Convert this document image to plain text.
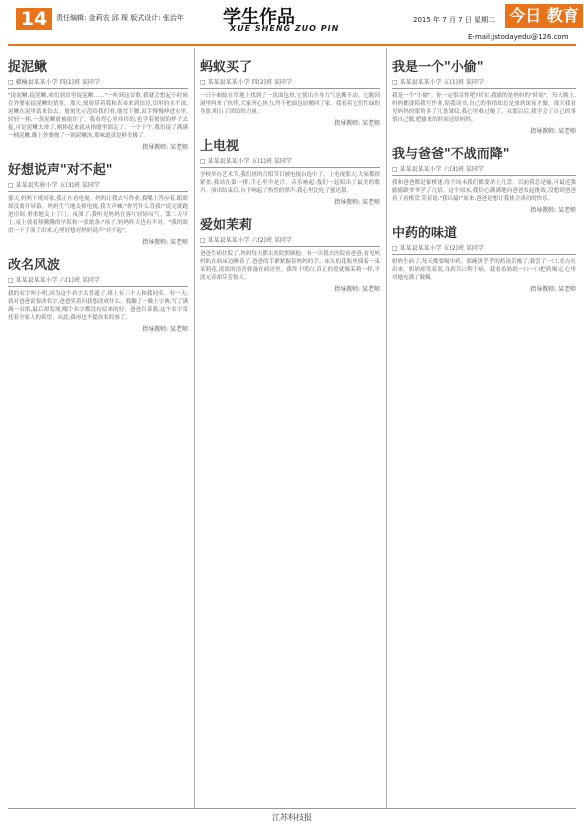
14	责任编辑: 金莉农 邱 琛 版式设计: 张治年 学生作品
XUE SHENG ZUO PIN
2015 年 7 月 7 日 星期二 今日 教育
E-mail:jstodayedu@126.com
捉泥鳅
□ 赣榆县某某小学 四(1)班 某同学

"捉泥鳅,捉泥鳅,咱们到田里捉泥鳅……"一听到这首歌,我就会想起小时候在外婆家捉泥鳅的情景。那天,舅舅带着我和表弟来到田边,田里的水不深,泥鳅在泥里钻来钻去。舅舅先示范给我们看,他弯下腰,双手慢慢伸进水里,轻轻一捧,一条泥鳅就被捉住了。我看得心里痒痒的,也学着舅舅的样子去捉,可是泥鳅太滑了,刚捧起来就从指缝里溜走了。一个下午,我们捉了满满一桶泥鳅,晚上外婆烧了一锅泥鳅汤,那味道真是鲜美极了。

指导教师: 某老师
好想说声"对不起"
□ 某某县实验小学 五(3)班 某同学

那天,妈妈下班回家,我正在看电视。妈妈让我去写作业,我嘴上答应着,眼睛却没离开屏幕。妈妈生气地关掉电视,我大声喊:"你凭什么管我!"说完就跑进房间,重重地关上了门。夜深了,我听见妈妈在客厅轻轻叹气。第二天早上,桌上放着热腾腾的早饭和一张纸条:"孩子,妈妈昨天也有不对。"我的眼泪一下子流了出来,心里好想对妈妈说声"对不起"。

指导教师: 某老师
改名风波
□ 某某县某某小学 六(1)班 某同学

我的名字叫小明,因为这个名字太普通了,班上有三个人和我同名。有一天,我对爸爸说要改名字,爸爸笑着问我想改成什么。我翻了一晚上字典,写了满满一页纸,最后却发现,哪个名字都没有原来的好。爸爸告诉我,这个名字寄托着全家人的希望。从此,我再也不提改名的事了。

指导教师: 某老师
蚂蚁买了
□ 某某县某某小学 四(2)班 某同学

一只小蚂蚁在草地上找到了一块面包屑,它使出全身力气也搬不动。它跑回洞里叫来了伙伴,大家齐心协力,终于把面包屑搬回了家。我看着它们忙碌的身影,明白了团结的力量。

指导教师: 某老师
上电视
□ 某某县某某小学 五(1)班 某同学

学校举办艺术节,我们班的合唱节目被电视台选中了。上电视那天,大家都很紧张,我站在第一排,手心里全是汗。音乐响起,我们一起唱出了最美的歌声。演出结束后,台下响起了热烈的掌声,我心里比吃了蜜还甜。

指导教师: 某老师
爱如茉莉
□ 某某县某某小学 六(2)班 某同学

爸爸生病住院了,妈妈每天都去医院照顾他。有一次我去医院看爸爸,看见妈妈趴在病床边睡着了,爸爸的手紧紧握着妈妈的手。床头的花瓶里插着一束茉莉花,淡淡的清香弥漫在病房里。我终于明白,真正的爱就像茉莉一样,平淡无奇却芬芳怡人。

指导教师: 某老师
我是一个"小偷"
□ 某某县某某小学 五(1)班 某同学

我是一个"小偷"。你一定很奇怪吧?其实,我偷的是妈妈的"时间"。每天晚上,妈妈都要陪我写作业,陪我读书,自己的事情却总是放到深夜才做。那天我看见妈妈的眼角多了几条皱纹,我心里难过极了。从那以后,我学会了自己的事情自己做,把偷来的时间还给妈妈。

指导教师: 某老师
我与爸爸"不战而降"
□ 某某县某某小学 六(3)班 某同学

我和爸爸都是象棋迷,每个周末我们都要杀上几盘。以前我总是输,可最近我偷偷跟爷爷学了几招。这个周末,我信心满满地向爸爸发起挑战,没想到爸爸看了看棋盘,笑着说:"我认输!"原来,爸爸是想让我体会成功的快乐。

指导教师: 某老师
中药的味道
□ 某某县某某小学 五(2)班 某同学

奶奶生病了,每天都要喝中药。那碗黑乎乎的药汤苦极了,我尝了一口,差点吐出来。奶奶却笑着说,良药苦口利于病。我看着奶奶一口一口把药喝完,心里对她充满了敬佩。

指导教师: 某老师
江苏科技报
